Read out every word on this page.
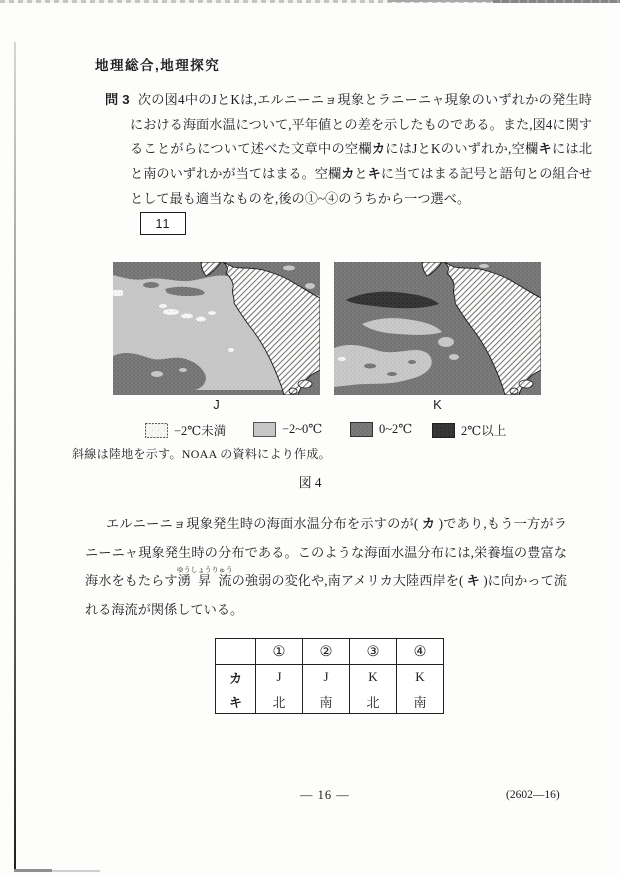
地理総合,地理探究

問 3 次の図4中のJとKは,エルニーニョ現象とラニーニャ現象のいずれかの発生時における海面水温について,平年値との差を示したものである。また,図4に関することがらについて述べた文章中の空欄カにはJとKのいずれか,空欄キには北と南のいずれかが当てはまる。空欄カとキに当てはまる記号と語句との組合せとして最も適当なものを,後の①~④のうちから一つ選べ。

11
J	K
−2℃未満	−2~0℃	0~2℃	2℃以上
斜線は陸地を示す。NOAA の資料により作成。
図 4

エルニーニョ現象発生時の海面水温分布を示すのが( カ )であり,もう一方がラニーニャ現象発生時の分布である。このような海面水温分布には,栄養塩の豊富な海水をもたらす湧 昇 流ゆうしょうりゅうの強弱の変化や,南アメリカ大陸西岸を( キ )に向かって流れる海流が関係している。

	①	②	③	④
カ	J	J	K	K
キ	北	南	北	南
— 16 —	(2602—16)
